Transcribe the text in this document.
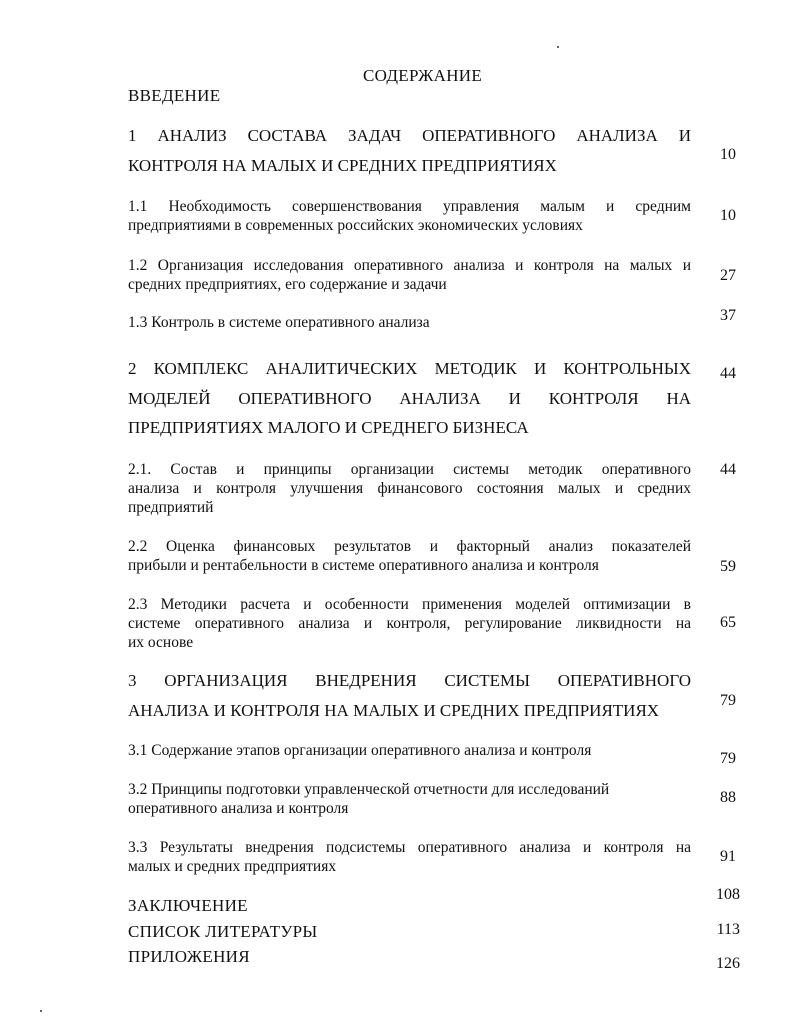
СОДЕРЖАНИЕ
ВВЕДЕНИЕ
1 АНАЛИЗ СОСТАВА ЗАДАЧ ОПЕРАТИВНОГО АНАЛИЗА И
КОНТРОЛЯ НА МАЛЫХ И СРЕДНИХ ПРЕДПРИЯТИЯХ
10
1.1 Необходимость совершенствования управления малым и средним
предприятиями в современных российских экономических условиях
10
1.2 Организация исследования оперативного анализа и контроля на малых и
средних предприятиях, его содержание и задачи
27
1.3 Контроль в системе оперативного анализа	37
2 КОМПЛЕКС АНАЛИТИЧЕСКИХ МЕТОДИК И КОНТРОЛЬНЫХ
МОДЕЛЕЙ ОПЕРАТИВНОГО АНАЛИЗА И КОНТРОЛЯ НА
ПРЕДПРИЯТИЯХ МАЛОГО И СРЕДНЕГО БИЗНЕСА
44
2.1. Состав и принципы организации системы методик оперативного
анализа и контроля улучшения финансового состояния малых и средних
предприятий
44
2.2 Оценка финансовых результатов и факторный анализ показателей
прибыли и рентабельности в системе оперативного анализа и контроля	59
2.3 Методики расчета и особенности применения моделей оптимизации в
системе оперативного анализа и контроля, регулирование ликвидности на
их основе
65
3 ОРГАНИЗАЦИЯ ВНЕДРЕНИЯ СИСТЕМЫ ОПЕРАТИВНОГО
АНАЛИЗА И КОНТРОЛЯ НА МАЛЫХ И СРЕДНИХ ПРЕДПРИЯТИЯХ
79
3.1 Содержание этапов организации оперативного анализа и контроля	79
3.2 Принципы подготовки управленческой отчетности для исследований
оперативного анализа и контроля
88
3.3 Результаты внедрения подсистемы оперативного анализа и контроля на
малых и средних предприятиях
91
ЗАКЛЮЧЕНИЕ
108
СПИСОК ЛИТЕРАТУРЫ	113
ПРИЛОЖЕНИЯ	126
